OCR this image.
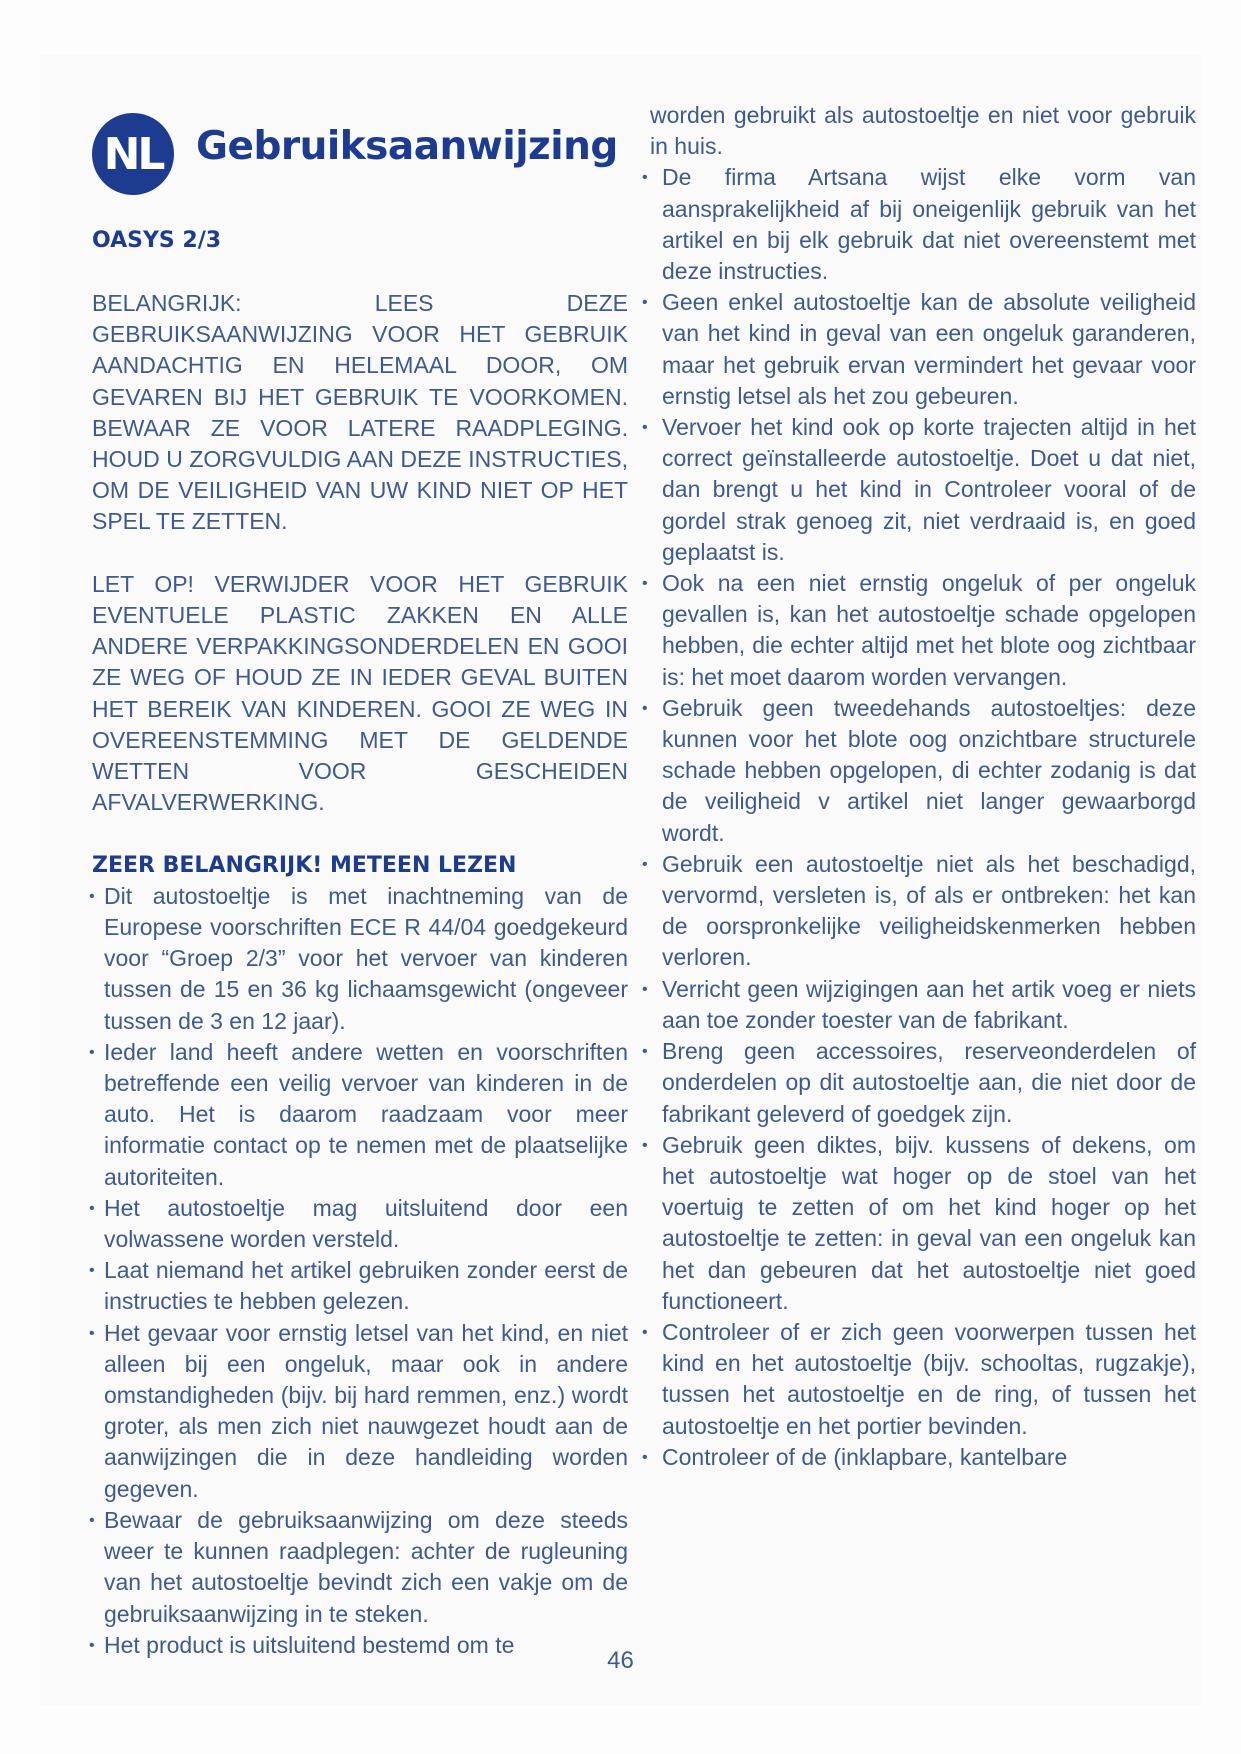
NL Gebruiksaanwijzing
OASYS 2/3

BELANGRIJK: LEES DEZE GEBRUIKSAANWIJZING VOOR HET GEBRUIK AANDACHTIG EN HELEMAAL DOOR, OM GEVAREN BIJ HET GEBRUIK TE VOORKOMEN. BEWAAR ZE VOOR LATERE RAADPLEGING. HOUD U ZORGVULDIG AAN DEZE INSTRUCTIES, OM DE VEILIGHEID VAN UW KIND NIET OP HET SPEL TE ZETTEN.

LET OP! VERWIJDER VOOR HET GEBRUIK EVENTUELE PLASTIC ZAKKEN EN ALLE ANDERE VERPAKKINGSONDERDELEN EN GOOI ZE WEG OF HOUD ZE IN IEDER GEVAL BUITEN HET BEREIK VAN KINDEREN. GOOI ZE WEG IN OVEREENSTEMMING MET DE GELDENDE WETTEN VOOR GESCHEIDEN AFVALVERWERKING.

ZEER BELANGRIJK! METEEN LEZEN
• Dit autostoeltje is met inachtneming van de Europese voorschriften ECE R 44/04 goedgekeurd voor “Groep 2/3” voor het vervoer van kinderen tussen de 15 en 36 kg lichaamsgewicht (ongeveer tussen de 3 en 12 jaar).
• Ieder land heeft andere wetten en voorschriften betreffende een veilig vervoer van kinderen in de auto. Het is daarom raadzaam voor meer informatie contact op te nemen met de plaatselijke autoriteiten.
• Het autostoeltje mag uitsluitend door een volwassene worden versteld.
• Laat niemand het artikel gebruiken zonder eerst de instructies te hebben gelezen.
• Het gevaar voor ernstig letsel van het kind, en niet alleen bij een ongeluk, maar ook in andere omstandigheden (bijv. bij hard remmen, enz.) wordt groter, als men zich niet nauwgezet houdt aan de aanwijzingen die in deze handleiding worden gegeven.
• Bewaar de gebruiksaanwijzing om deze steeds weer te kunnen raadplegen: achter de rugleuning van het autostoeltje bevindt zich een vakje om de gebruiksaanwijzing in te steken.
• Het product is uitsluitend bestemd om te

worden gebruikt als autostoeltje en niet voor gebruik in huis.

• De firma Artsana wijst elke vorm van aansprakelijkheid af bij oneigenlijk gebruik van het artikel en bij elk gebruik dat niet overeenstemt met deze instructies.
• Geen enkel autostoeltje kan de absolute veiligheid van het kind in geval van een ongeluk garanderen, maar het gebruik ervan vermindert het gevaar voor ernstig letsel als het zou gebeuren.
• Vervoer het kind ook op korte trajecten altijd in het correct geïnstalleerde autostoeltje. Doet u dat niet, dan brengt u het kind in Controleer vooral of de gordel strak genoeg zit, niet verdraaid is, en goed geplaatst is.
• Ook na een niet ernstig ongeluk of per ongeluk gevallen is, kan het autostoeltje schade opgelopen hebben, die echter altijd met het blote oog zichtbaar is: het moet daarom worden vervangen.
• Gebruik geen tweedehands autostoeltjes: deze kunnen voor het blote oog onzichtbare structurele schade hebben opgelopen, di echter zodanig is dat de veiligheid v artikel niet langer gewaarborgd wordt.
• Gebruik een autostoeltje niet als het beschadigd, vervormd, versleten is, of als er ontbreken: het kan de oorspronkelijke veiligheidskenmerken hebben verloren.
• Verricht geen wijzigingen aan het artik voeg er niets aan toe zonder toester van de fabrikant.
• Breng geen accessoires, reserveonderdelen of onderdelen op dit autostoeltje aan, die niet door de fabrikant geleverd of goedgek zijn.
• Gebruik geen diktes, bijv. kussens of dekens, om het autostoeltje wat hoger op de stoel van het voertuig te zetten of om het kind hoger op het autostoeltje te zetten: in geval van een ongeluk kan het dan gebeuren dat het autostoeltje niet goed functioneert.
• Controleer of er zich geen voorwerpen tussen het kind en het autostoeltje (bijv. schooltas, rugzakje), tussen het autostoeltje en de ring, of tussen het autostoeltje en het portier bevinden.
• Controleer of de (inklapbare, kantelbare
46
